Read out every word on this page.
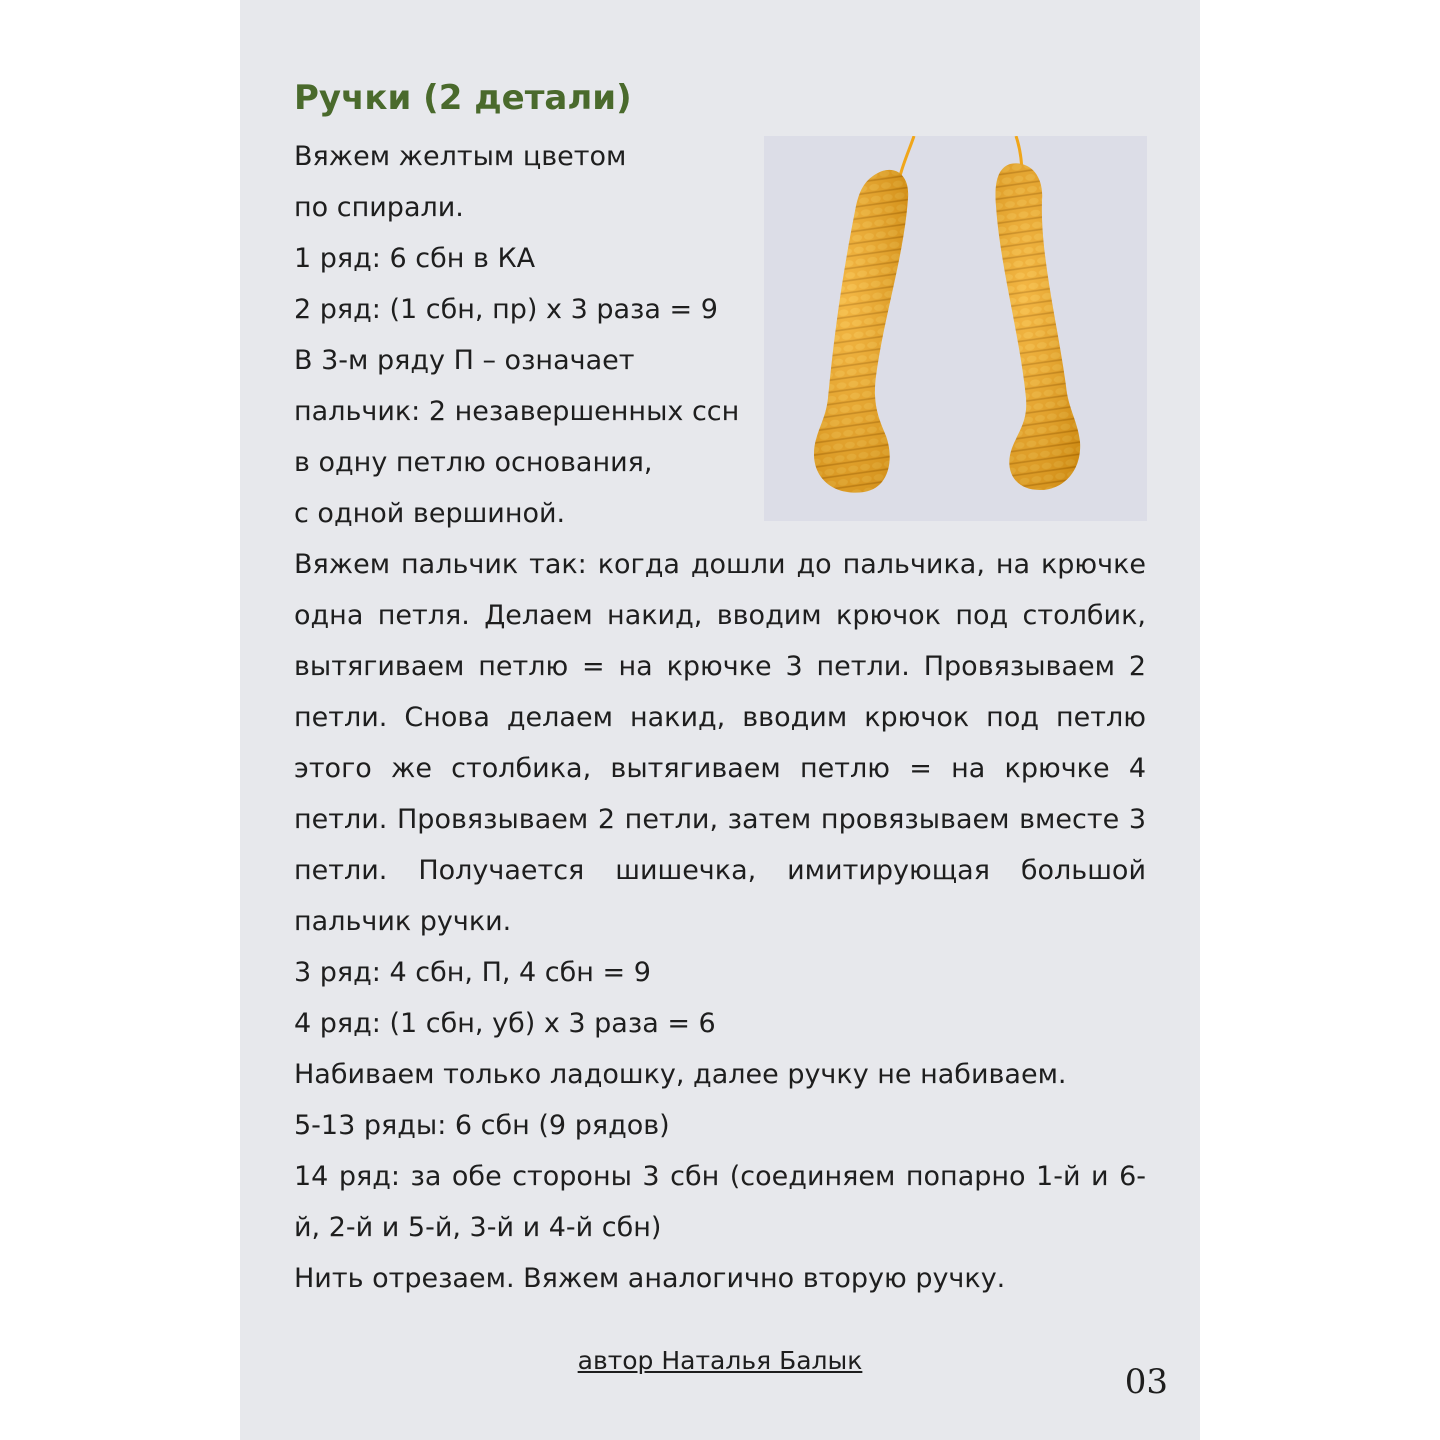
Ручки (2 детали)
Вяжем желтым цветом
по спирали.
1 ряд: 6 сбн в КА
2 ряд: (1 сбн, пр) х 3 раза = 9
В 3-м ряду П – означает
пальчик: 2 незавершенных ссн
в одну петлю основания,
с одной вершиной.

Вяжем пальчик так: когда дошли до пальчика, на крючке одна петля. Делаем накид, вводим крючок под столбик, вытягиваем петлю = на крючке 3 петли. Провязываем 2 петли. Снова делаем накид, вводим крючок под петлю этого же столбика, вытягиваем петлю = на крючке 4 петли. Провязываем 2 петли, затем провязываем вместе 3 петли. Получается шишечка, имитирующая большой пальчик ручки.

3 ряд: 4 сбн, П, 4 сбн = 9
4 ряд: (1 сбн, уб) х 3 раза = 6
Набиваем только ладошку, далее ручку не набиваем.
5-13 ряды: 6 сбн (9 рядов)

14 ряд: за обе стороны 3 сбн (соединяем попарно 1-й и 6-й, 2-й и 5-й, 3-й и 4-й сбн)

Нить отрезаем. Вяжем аналогично вторую ручку.
автор Наталья Балык
03
